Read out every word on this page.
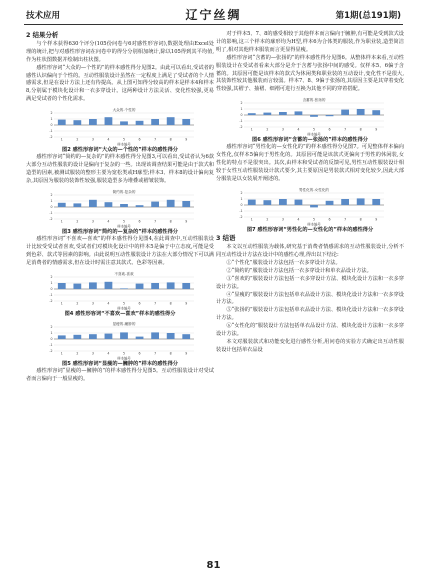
技术应用	辽宁丝绸	第1期(总191期)
2 结果分析

与个样本获得630个评分(105份问卷与6对感性形容词),数据处理由Excel处理的统计,把与对感性形容词在问卷中的得分分别相加统计,除以105得到其平均值,作为柱状图数据并绘制出柱状图。

感性形容词“大众的—个性的”的样本感性得分见图2。由此可以看出,受试者的感性认识偏向于个性的。互动性服装设计虽然在一定程度上满足了受试者的个人情感需求,但是在设计方法上还有待提高。从上图可知得分较高的样本是样本4和样本8,分别属于模块化设计和一衣多穿设计。这两种设计方法灵活、变化性较强,更易满足受试者的个性化需求。

大众的-个性的
-2
-1
0
1
2
1	2	3	4	5	6	7	8	9
样本编号
图2 感性形容词“大众的—个性的”样本的感性得分

感性形容词“简约的—复杂的”的样本感性得分见图3,可以看出,受试者认为6款大部分互动性服装的设计是偏向于复杂的一些。出现该调查结果可能是由于款式和造型的因素,被测试服装的整形主要为宽松类或H廓型;样本3、样本8的设计偏向复杂,其原因为服装的装饰性较强,服装造型多为堆叠或褶皱装饰。

简约的-复杂的
-2
-1
0
1
2
1	2	3	4	5	6	7	8	9
样本编号
图3 感性形容词“简约的—复杂的”样本的感性得分

感性形容词“不喜欢—喜欢”的样本感性得分见图4,在此调查中,互动性服装设计比较受受试者喜欢,受试者们对模块化设计中的样本5是偏于中立态度,可能是受到色彩、款式等因素的影响。由此说明互动性服装设计方法在大部分情况下可以满足消费者的情感需求,但在设计时需注意其款式、色彩等因素。

不喜欢-喜欢
-2
-1
0
1
2
1	2	3	4	5	6	7	8	9
样本编号
图4 感性形容词“不喜欢—喜欢”样本的感性得分
显瘦的-臃肿的
-2
-1
0
1
2
1	2	3	4	5	6	7	8	9
样本编号
图5 感性形容词“显瘦的—臃肿的”样本的感性得分

感性形容词“显瘦的—臃肿的”的样本感性得分见图5。互动性服装设计对受试者而言偏向于一般显瘦的。

对于样本5、7、8的感受相较于其他样本而言偏向于臃肿,有可能是受到款式设计的影响,这三个样本的廓形均为H型,样本6为合体类的服装,作为职业装,造型简洁明了,相对其他样本服装而言更显得显瘦。

感性形容词“含蓄的—张扬的”的样本感性得分见图6。从整体样本来看,互动性服装设计在受试者看来大部分是介于含蓄与张扬中间的感受。仅样本5、6偏于含蓄的。其原因可能是该样本的款式为休闲类和职业装的互动设计,变化性不是很大,其装饰性较其他服装而言较弱。样本7、8、9偏于张扬的,其原因主要是其穿着变化性较强,其褶子、抽褶、细褶可进行互换为其他不同的穿着搭配。

含蓄的-张扬的
-2
-1
0
1
2
1	2	3	4	5	6	7	8	9
样本编号
图6 感性形容词“含蓄的—张扬的”样本的感性得分

感性形容词“男性化的—女性化的”的样本感性得分见图7。可见整体样本偏向女性化,仅样本5偏向于男性化的。其原因可能是该款式更偏向于男性的休闲装,女性化的特点不是很突出。其次,由样本和受试者的反馈可见,男性互动性服装设计相较于女性互动性服装设计款式要少,其主要原因是男装款式相对变化较少,因此大部分服装是以女装展开阐述的。

男性化的-女性化的
-2
-1
0
1
2
1	2	3	4	5	6	7	8	9
样本编号
图7 感性形容词“男性化的—女性化的”样本的感性得分
3 结语

本文以互动性服装为载体,研究基于消费者情感需求的互动性服装设计,分析不同互动性设计方法在设计中的感性心理,得出以下结论:

①“个性化”服装设计方法包括一衣多穿设计方法。

②“简约的”服装设计方法包括一衣多穿设计和单衣品设计方法。

③“喜欢的”服装设计方法包括一衣多穿设计方法、模块化设计方法和一衣多穿设计方法。

④“显瘦的”服装设计方法包括单衣品设计方法、模块化设计方法和一衣多穿设计方法。

⑤“张扬的”服装设计方法包括单衣品设计方法、模块化设计方法和一衣多穿设计方法。

⑥“女性化的”服装设计方法包括单衣品设计方法、模块化设计方法和一衣多穿设计方法。

本文对服装款式和功能变化进行感性分析,用问卷的实验方式确定出互动性服装设计包括单衣品设

81
